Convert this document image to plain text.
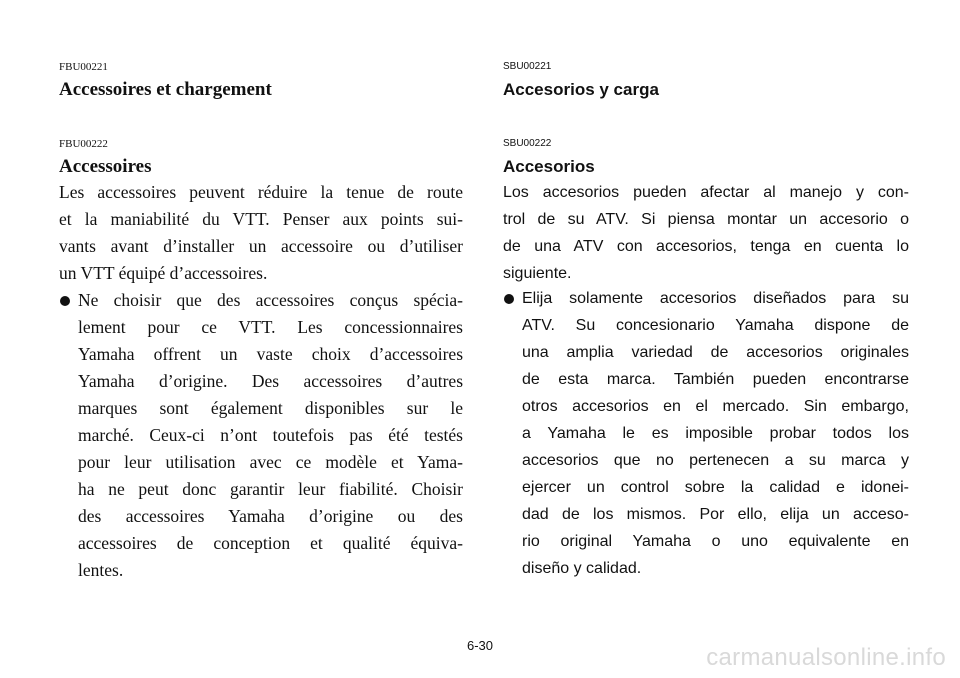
FBU00221
Accessoires et chargement
FBU00222
Accessoires
Les accessoires peuvent réduire la tenue de route
et la maniabilité du VTT. Penser aux points sui-
vants avant d’installer un accessoire ou d’utiliser
un VTT équipé d’accessoires.
Ne choisir que des accessoires conçus spécia-
lement pour ce VTT. Les concessionnaires
Yamaha offrent un vaste choix d’accessoires
Yamaha d’origine. Des accessoires d’autres
marques sont également disponibles sur le
marché. Ceux-ci n’ont toutefois pas été testés
pour leur utilisation avec ce modèle et Yama-
ha ne peut donc garantir leur fiabilité. Choisir
des accessoires Yamaha d’origine ou des
accessoires de conception et qualité équiva-
lentes.
SBU00221
Accesorios y carga
SBU00222
Accesorios
Los accesorios pueden afectar al manejo y con-
trol de su ATV. Si piensa montar un accesorio o
de una ATV con accesorios, tenga en cuenta lo
siguiente.
Elija solamente accesorios diseñados para su
ATV. Su concesionario Yamaha dispone de
una amplia variedad de accesorios originales
de esta marca. También pueden encontrarse
otros accesorios en el mercado. Sin embargo,
a Yamaha le es imposible probar todos los
accesorios que no pertenecen a su marca y
ejercer un control sobre la calidad e idonei-
dad de los mismos. Por ello, elija un acceso-
rio original Yamaha o uno equivalente en
diseño y calidad.
6-30	carmanualsonline.info
